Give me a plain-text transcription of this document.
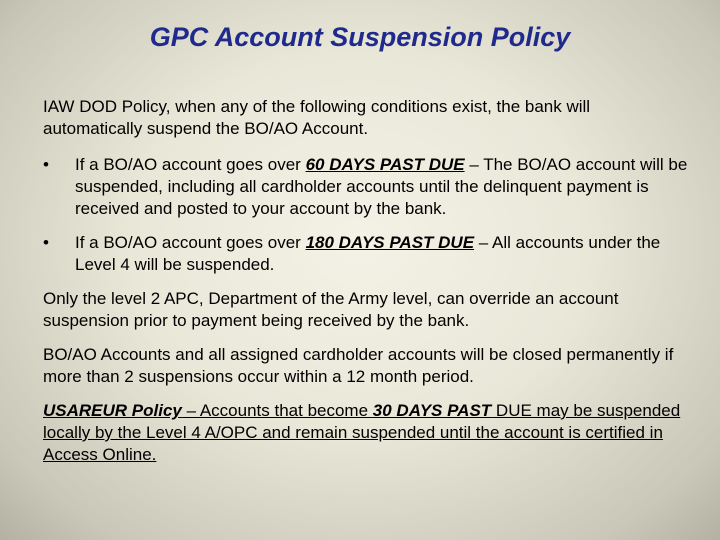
GPC Account Suspension Policy

IAW DOD Policy, when any of the following conditions exist, the bank will automatically suspend the BO/AO Account.

• If a BO/AO account goes over 60 DAYS PAST DUE – The BO/AO account will be suspended, including all cardholder accounts until the delinquent payment is received and posted to your account by the bank.
• If a BO/AO account goes over 180 DAYS PAST DUE – All accounts under the Level 4 will be suspended.

Only the level 2 APC, Department of the Army level, can override an account suspension prior to payment being received by the bank.

BO/AO Accounts and all assigned cardholder accounts will be closed permanently if more than 2 suspensions occur within a 12 month period.

USAREUR Policy – Accounts that become 30 DAYS PAST DUE may be suspended locally by the Level 4 A/OPC and remain suspended until the account is certified in Access Online.
